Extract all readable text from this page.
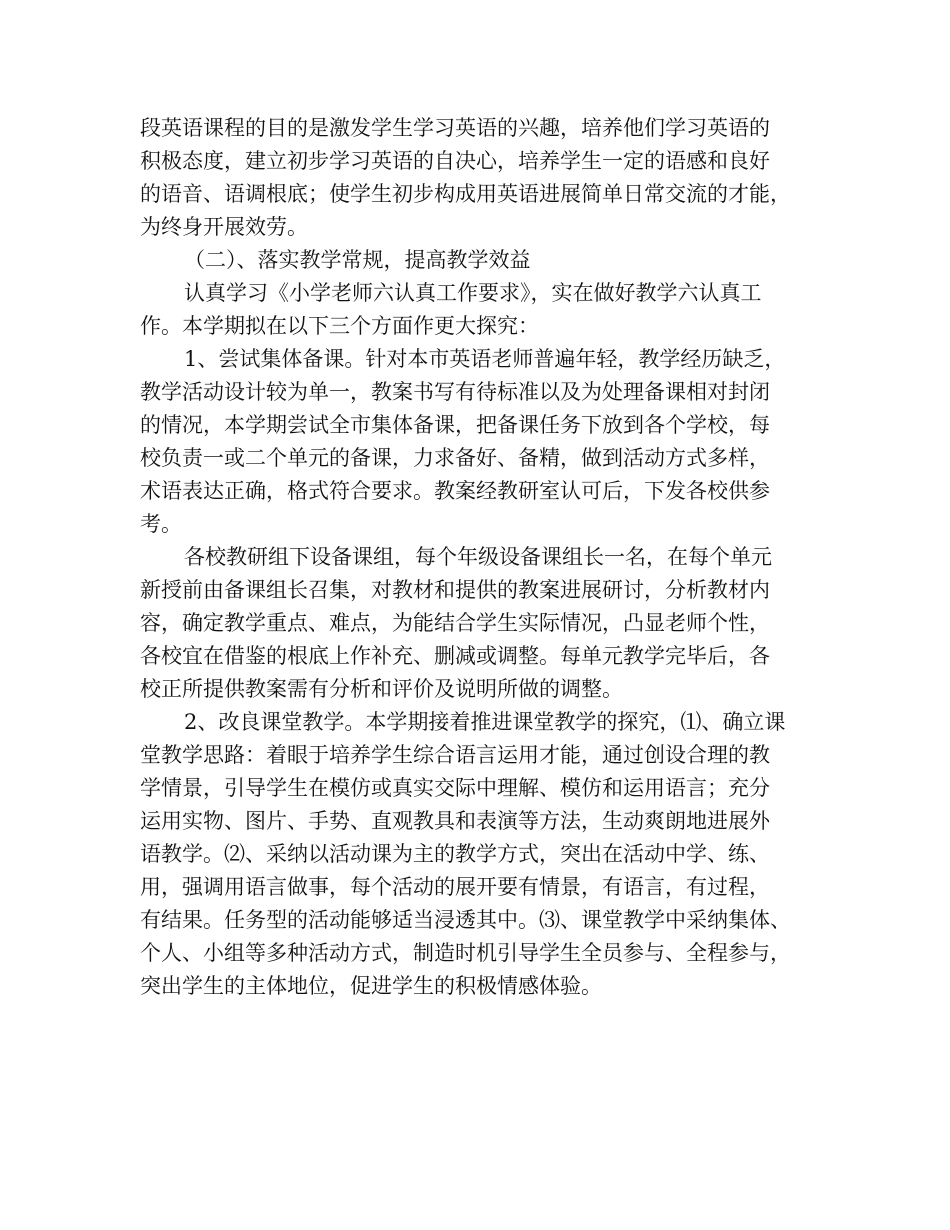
段英语课程的目的是激发学生学习英语的兴趣，培养他们学习英语的
积极态度，建立初步学习英语的自决心，培养学生一定的语感和良好
的语音、语调根底；使学生初步构成用英语进展简单日常交流的才能，
为终身开展效劳。
（二）、落实教学常规，提高教学效益
认真学习《小学老师六认真工作要求》，实在做好教学六认真工
作。本学期拟在以下三个方面作更大探究：
1、尝试集体备课。针对本市英语老师普遍年轻，教学经历缺乏，
教学活动设计较为单一，教案书写有待标准以及为处理备课相对封闭
的情况，本学期尝试全市集体备课，把备课任务下放到各个学校，每
校负责一或二个单元的备课，力求备好、备精，做到活动方式多样，
术语表达正确，格式符合要求。教案经教研室认可后，下发各校供参
考。
各校教研组下设备课组，每个年级设备课组长一名，在每个单元
新授前由备课组长召集，对教材和提供的教案进展研讨，分析教材内
容，确定教学重点、难点，为能结合学生实际情况，凸显老师个性，
各校宜在借鉴的根底上作补充、删减或调整。每单元教学完毕后，各
校正所提供教案需有分析和评价及说明所做的调整。
2、改良课堂教学。本学期接着推进课堂教学的探究，⑴、确立课
堂教学思路：着眼于培养学生综合语言运用才能，通过创设合理的教
学情景，引导学生在模仿或真实交际中理解、模仿和运用语言；充分
运用实物、图片、手势、直观教具和表演等方法，生动爽朗地进展外
语教学。⑵、采纳以活动课为主的教学方式，突出在活动中学、练、
用，强调用语言做事，每个活动的展开要有情景，有语言，有过程，
有结果。任务型的活动能够适当浸透其中。⑶、课堂教学中采纳集体、
个人、小组等多种活动方式，制造时机引导学生全员参与、全程参与，
突出学生的主体地位，促进学生的积极情感体验。
